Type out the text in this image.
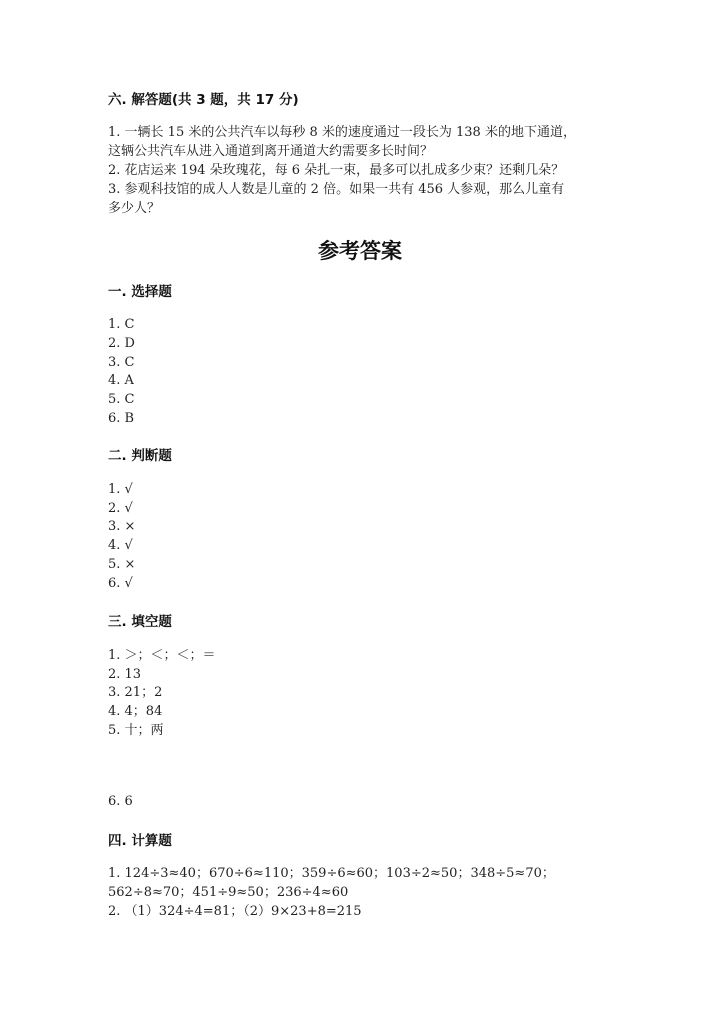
六. 解答题(共 3 题，共 17 分)
1. 一辆长 15 米的公共汽车以每秒 8 米的速度通过一段长为 138 米的地下通道，
这辆公共汽车从进入通道到离开通道大约需要多长时间？
2. 花店运来 194 朵玫瑰花，每 6 朵扎一束，最多可以扎成多少束？还剩几朵？
3. 参观科技馆的成人人数是儿童的 2 倍。如果一共有 456 人参观，那么儿童有
多少人？
参考答案
一. 选择题
1. C
2. D
3. C
4. A
5. C
6. B
二. 判断题
1. √
2. √
3. ×
4. √
5. ×
6. √
三. 填空题
1. ＞；＜；＜；＝
2. 13
3. 21；2
4. 4；84
5. 十；两
6. 6
四. 计算题
1. 124÷3≈40；670÷6≈110；359÷6≈60；103÷2≈50；348÷5≈70；
562÷8≈70；451÷9≈50；236÷4≈60
2. （1）324÷4=81；（2）9×23+8=215
